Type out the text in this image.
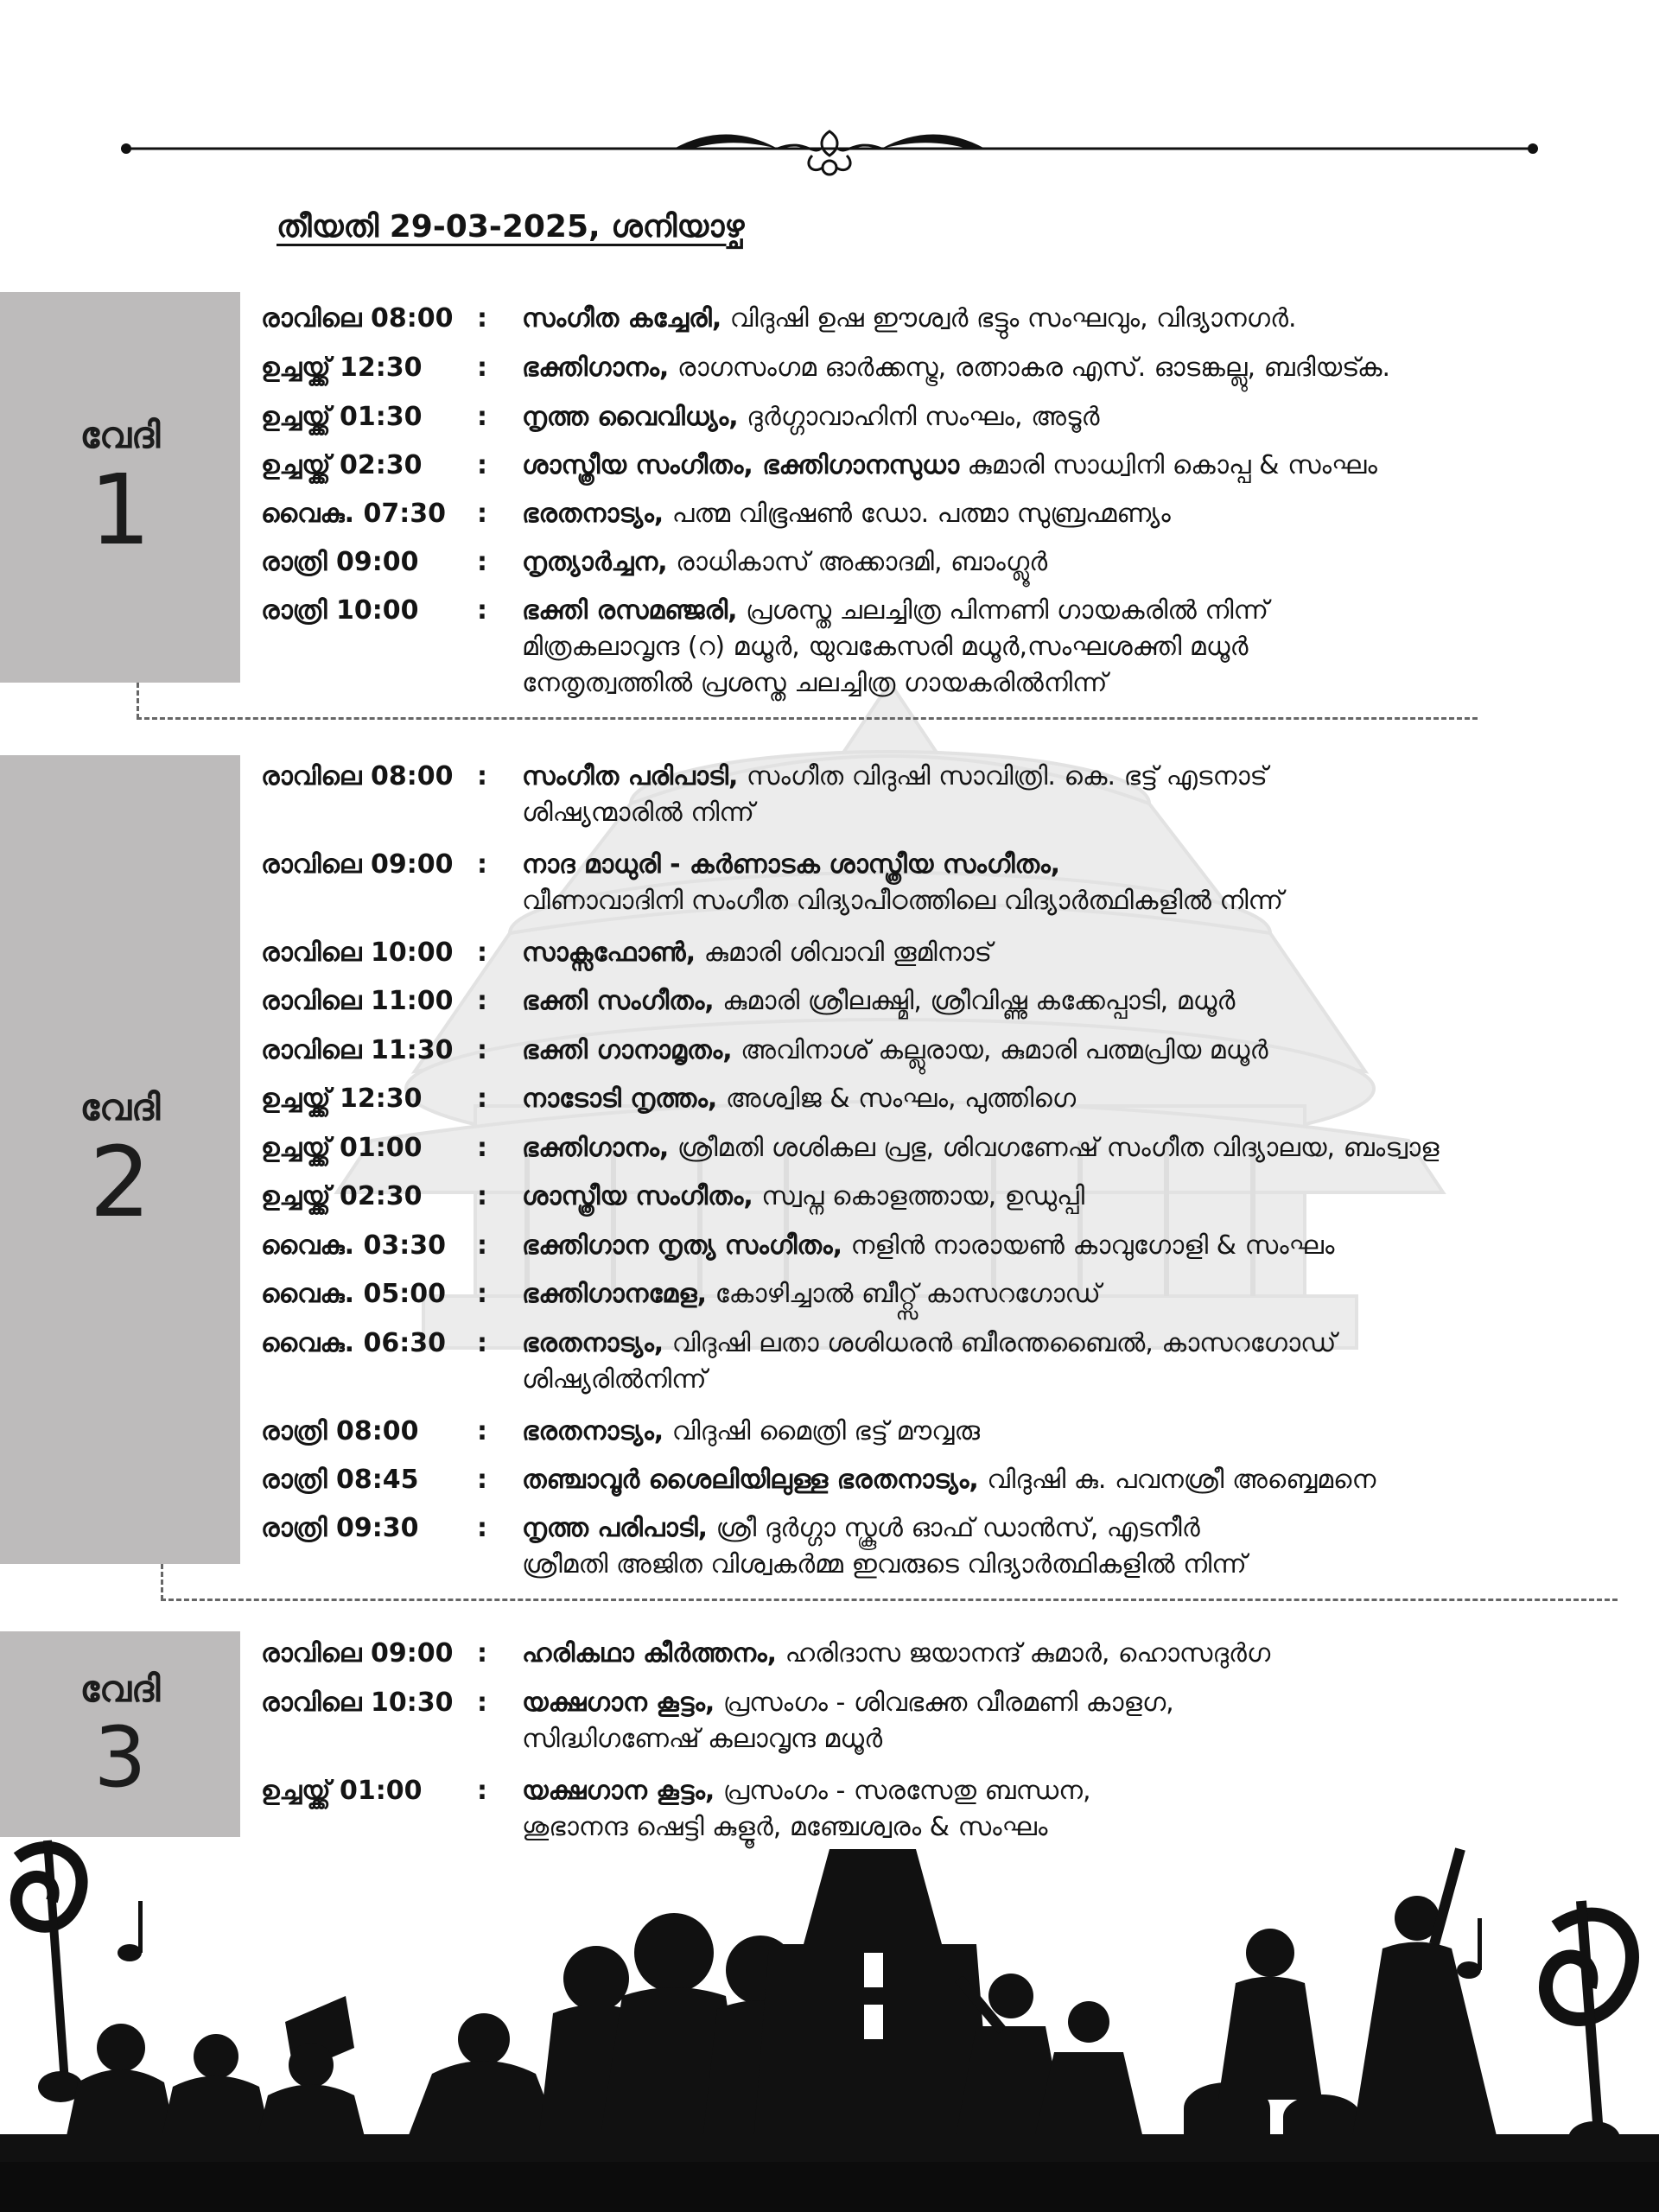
തീയതി 29-03-2025, ശനിയാഴ്ച
വേദി
1
വേദി
2
വേദി
3
രാവിലെ 08:00 :	സംഗീത കച്ചേരി, വിദുഷി ഉഷ ഈശ്വർ ഭട്ടും സംഘവും, വിദ്യാനഗർ.
ഉച്ചയ്ക്ക് 12:30	:	ഭക്തിഗാനം, രാഗസംഗമ ഓർക്കസ്ട്ര, രത്നാകര എസ്. ഓടങ്കല്ലു, ബദിയട്ക.
ഉച്ചയ്ക്ക് 01:30	:	നൃത്ത വൈവിധ്യം, ദുർഗ്ഗാവാഹിനി സംഘം, അടൂർ
ഉച്ചയ്ക്ക് 02:30	:	ശാസ്ത്രീയ സംഗീതം, ഭക്തിഗാനസുധാ കുമാരി സാധ്വിനി കൊപ്പ & സംഘം
വൈകു. 07:30	:	ഭരതനാട്യം, പത്മ വിഭൂഷൺ ഡോ. പത്മാ സുബ്രഹ്മണ്യം
രാത്രി 09:00	:	നൃത്യാർച്ചന, രാധികാസ് അക്കാദമി, ബാംഗ്ലൂർ
രാത്രി 10:00	:	ഭക്തി രസമഞ്ജരി, പ്രശസ്ത ചലച്ചിത്ര പിന്നണി ഗായകരിൽ നിന്ന്
മിത്രകലാവൃന്ദ (റ) മധൂർ, യുവകേസരി മധൂർ,സംഘശക്തി മധൂർ
നേതൃത്വത്തിൽ പ്രശസ്ത ചലച്ചിത്ര ഗായകരിൽനിന്ന്
രാവിലെ 08:00 :	സംഗീത പരിപാടി, സംഗീത വിദുഷി സാവിത്രി. കെ. ഭട്ട് എടനാട്
ശിഷ്യന്മാരിൽ നിന്ന്
രാവിലെ 09:00 :	നാദ മാധുരി - കർണാടക ശാസ്ത്രീയ സംഗീതം,
വീണാവാദിനി സംഗീത വിദ്യാപീഠത്തിലെ വിദ്യാർത്ഥികളിൽ നിന്ന്
രാവിലെ 10:00 :	സാക്സഫോൺ, കുമാരി ശിവാവി തൂമിനാട്
രാവിലെ 11:00 :	ഭക്തി സംഗീതം, കുമാരി ശ്രീലക്ഷ്മി, ശ്രീവിഷ്ണു കക്കേപ്പാടി, മധൂർ
രാവിലെ 11:30 :	ഭക്തി ഗാനാമൃതം, അവിനാശ് കല്ലുരായ, കുമാരി പത്മപ്രിയ മധൂർ
ഉച്ചയ്ക്ക് 12:30	:	നാടോടി നൃത്തം, അശ്വിജ & സംഘം, പുത്തിഗെ
ഉച്ചയ്ക്ക് 01:00	:	ഭക്തിഗാനം, ശ്രീമതി ശശികല പ്രഭു, ശിവഗണേഷ് സംഗീത വിദ്യാലയ, ബംട്വാള
ഉച്ചയ്ക്ക് 02:30	:	ശാസ്ത്രീയ സംഗീതം, സ്വപ്ന കൊളത്തായ, ഉഡുപ്പി
വൈകു. 03:30	:	ഭക്തിഗാന നൃത്യ സംഗീതം, നളിൻ നാരായൺ കാവുഗോളി & സംഘം
വൈകു. 05:00	:	ഭക്തിഗാനമേള, കോഴിച്ചാൽ ബീറ്റ്സ് കാസറഗോഡ്
വൈകു. 06:30	:	ഭരതനാട്യം, വിദുഷി ലതാ ശശിധരൻ ബീരന്തബൈൽ, കാസറഗോഡ്
ശിഷ്യരിൽനിന്ന്
രാത്രി 08:00	:	ഭരതനാട്യം, വിദുഷി മൈത്രി ഭട്ട് മൗവ്വരു
രാത്രി 08:45	:	തഞ്ചാവൂർ ശൈലിയിലുള്ള ഭരതനാട്യം, വിദുഷി കു. പവനശ്രീ അബ്ബെമനെ
രാത്രി 09:30	:	നൃത്ത പരിപാടി, ശ്രീ ദുർഗ്ഗാ സ്കൂൾ ഓഫ് ഡാൻസ്, എടനീർ
ശ്രീമതി അജിത വിശ്വകർമ്മ ഇവരുടെ വിദ്യാർത്ഥികളിൽ നിന്ന്
രാവിലെ 09:00 :	ഹരികഥാ കീർത്തനം, ഹരിദാസ ജയാനന്ദ് കുമാർ, ഹൊസദുർഗ
രാവിലെ 10:30 :	യക്ഷഗാന കൂട്ടം, പ്രസംഗം - ശിവഭക്ത വീരമണി കാളഗ,
സിദ്ധിഗണേഷ് കലാവൃന്ദ മധൂർ
ഉച്ചയ്ക്ക് 01:00	:	യക്ഷഗാന കൂട്ടം, പ്രസംഗം - സരസേതു ബന്ധന,
ശുഭാനന്ദ ഷെട്ടി കുളൂർ, മഞ്ചേശ്വരം & സംഘം
